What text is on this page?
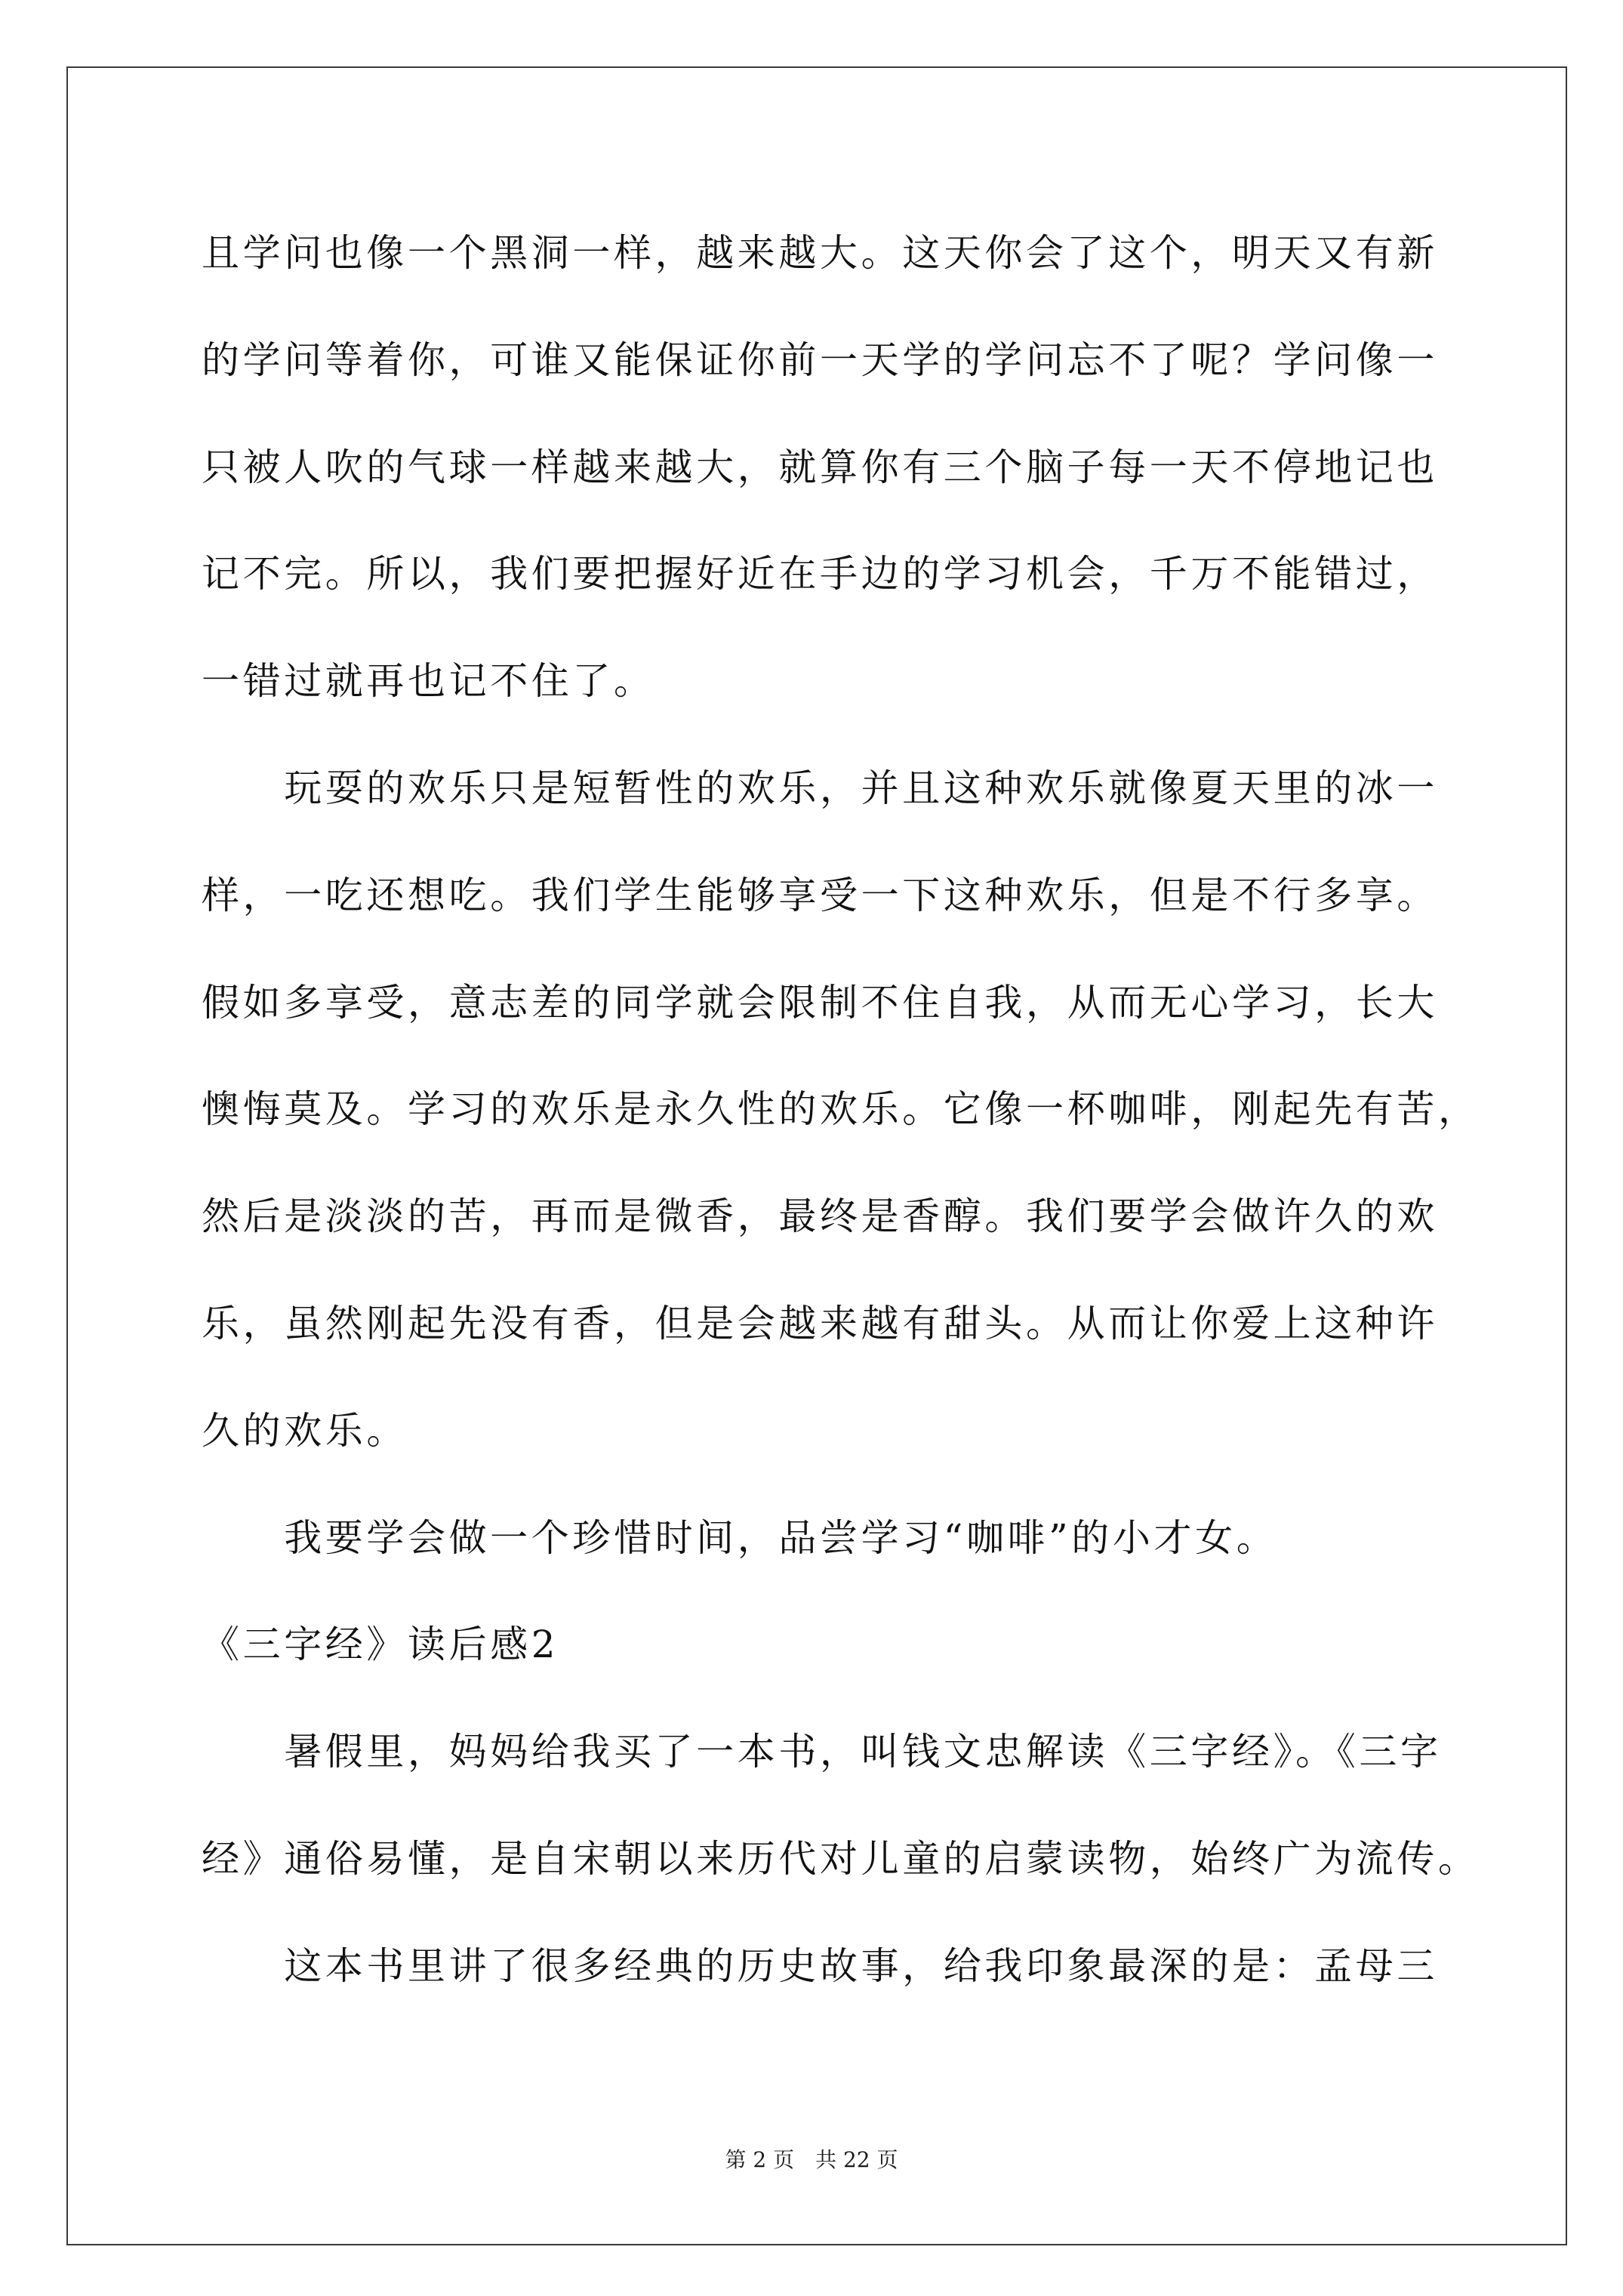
且学问也像一个黑洞一样，越来越大。这天你会了这个，明天又有新
的学问等着你，可谁又能保证你前一天学的学问忘不了呢？学问像一
只被人吹的气球一样越来越大，就算你有三个脑子每一天不停地记也
记不完。所以，我们要把握好近在手边的学习机会，千万不能错过，
一错过就再也记不住了。
玩耍的欢乐只是短暂性的欢乐，并且这种欢乐就像夏天里的冰一
样，一吃还想吃。我们学生能够享受一下这种欢乐，但是不行多享。
假如多享受，意志差的同学就会限制不住自我，从而无心学习，长大
懊悔莫及。学习的欢乐是永久性的欢乐。它像一杯咖啡，刚起先有苦，
然后是淡淡的苦，再而是微香，最终是香醇。我们要学会做许久的欢
乐，虽然刚起先没有香，但是会越来越有甜头。从而让你爱上这种许
久的欢乐。
我要学会做一个珍惜时间，品尝学习“咖啡”的小才女。
《三字经》读后感2
暑假里，妈妈给我买了一本书，叫钱文忠解读《三字经》。《三字
经》通俗易懂，是自宋朝以来历代对儿童的启蒙读物，始终广为流传。
这本书里讲了很多经典的历史故事，给我印象最深的是：孟母三
第 2 页　共 22 页
